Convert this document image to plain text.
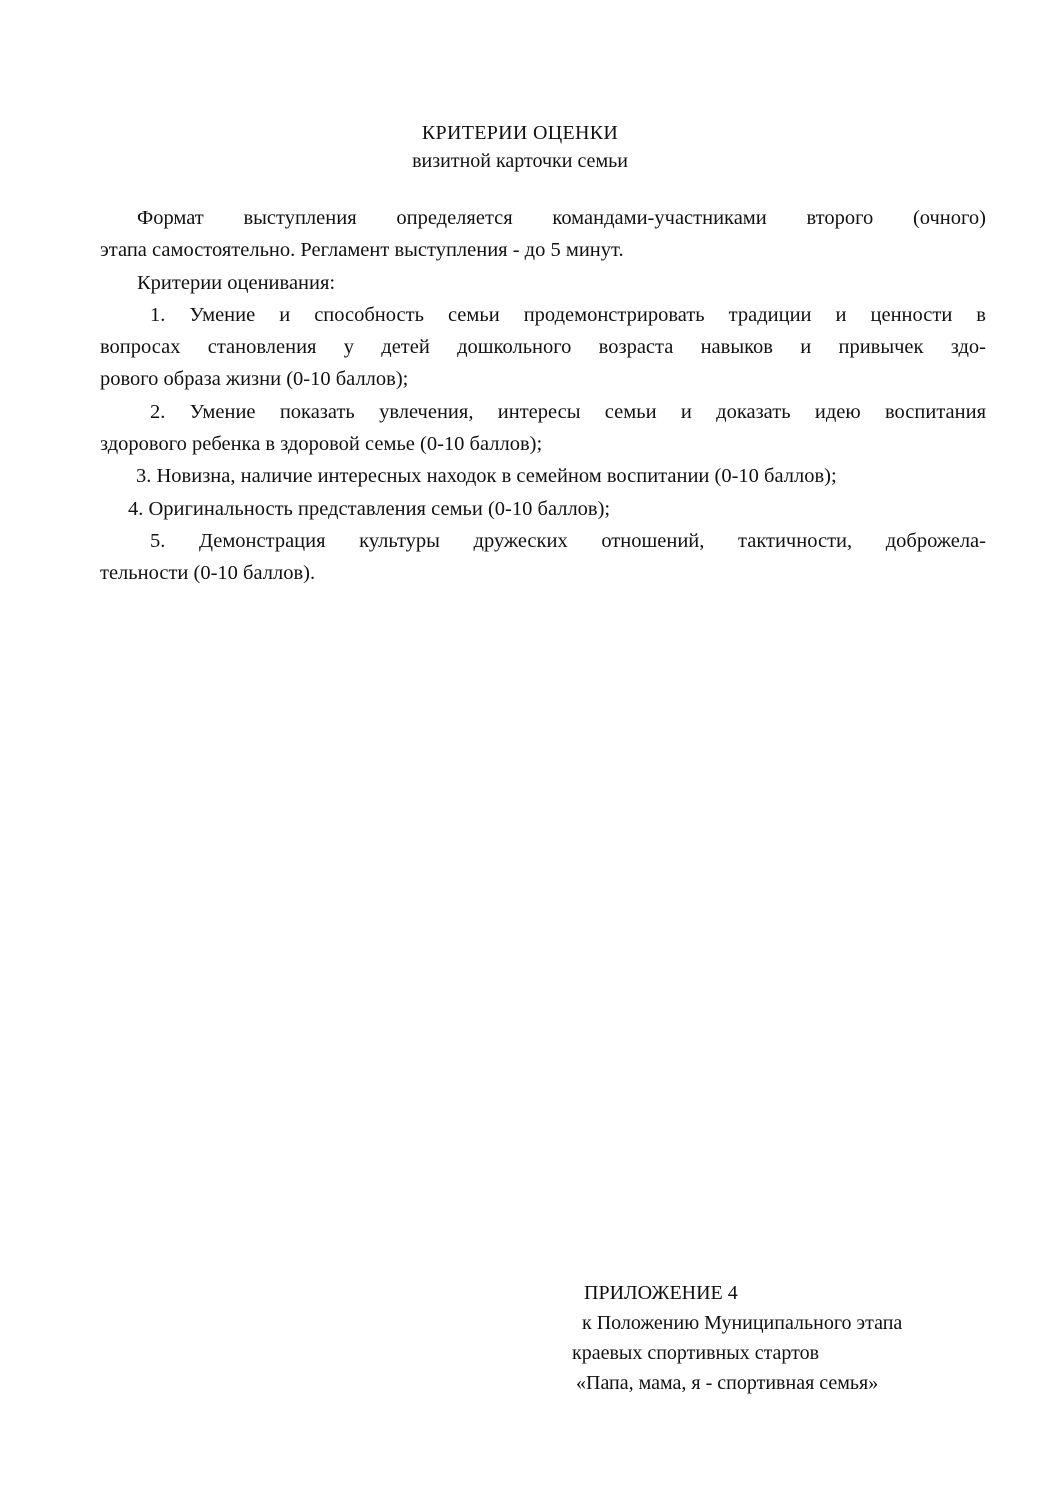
КРИТЕРИИ ОЦЕНКИ
визитной карточки семьи
Формат выступления определяется командами-участниками второго (очного)
этапа самостоятельно. Регламент выступления - до 5 минут.
Критерии оценивания:
1. Умение и способность семьи продемонстрировать традиции и ценности в
вопросах становления у детей дошкольного возраста навыков и привычек здо-
рового образа жизни (0-10 баллов);
2. Умение показать увлечения, интересы семьи и доказать идею воспитания
здорового ребенка в здоровой семье (0-10 баллов);
3. Новизна, наличие интересных находок в семейном воспитании (0-10 баллов);
4. Оригинальность представления семьи (0-10 баллов);
5. Демонстрация культуры дружеских отношений, тактичности, доброжела-
тельности (0-10 баллов).
ПРИЛОЖЕНИЕ 4
к Положению Муниципального этапа
краевых спортивных стартов
«Папа, мама, я - спортивная семья»
